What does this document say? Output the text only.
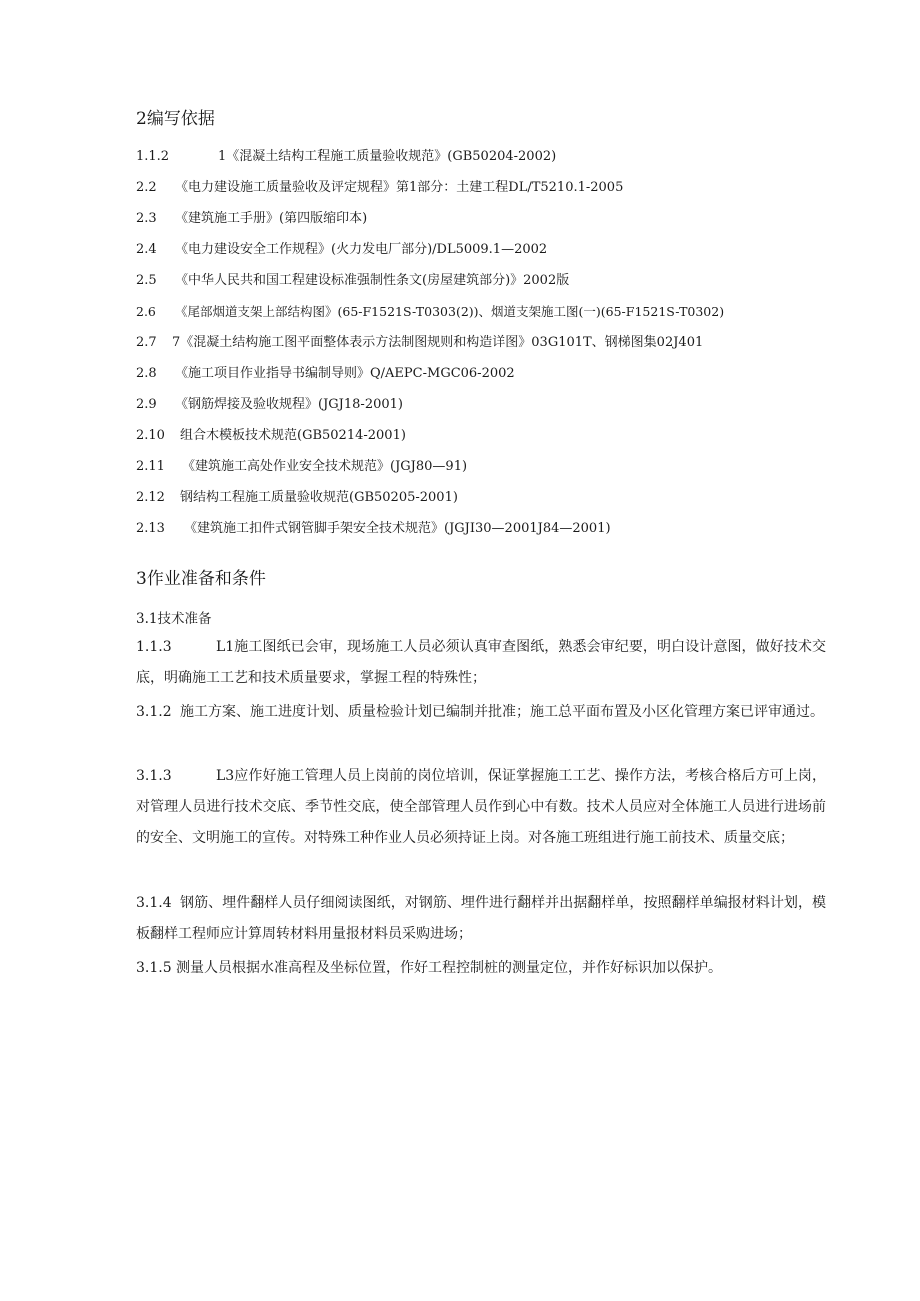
2编写依据
1.1.2	1《混凝土结构工程施工质量验收规范》(GB50204-2002)
2.2 《电力建设施工质量验收及评定规程》第1部分：土建工程DL/T5210.1-2005
2.3 《建筑施工手册》(第四版缩印本)
2.4 《电力建设安全工作规程》(火力发电厂部分)/DL5009.1—2002
2.5 《中华人民共和国工程建设标准强制性条文(房屋建筑部分)》2002版
2.6 《尾部烟道支架上部结构图》(65-F1521S-T0303(2))、烟道支架施工图(一)(65-F1521S-T0302)
2.7 7《混凝土结构施工图平面整体表示方法制图规则和构造详图》03G101T、钢梯图集02J401
2.8 《施工项目作业指导书编制导则》Q/AEPC-MGC06-2002
2.9 《钢筋焊接及验收规程》(JGJ18-2001)
2.10 组合木模板技术规范(GB50214-2001)
2.11 《建筑施工高处作业安全技术规范》(JGJ80—91)
2.12 钢结构工程施工质量验收规范(GB50205-2001)
2.13 《建筑施工扣件式钢管脚手架安全技术规范》(JGJI30—2001J84—2001)
3作业准备和条件
3.1技术准备
1.1.3	L1施工图纸已会审，现场施工人员必须认真审查图纸，熟悉会审纪要，明白设计意图，做好技术交底，明确施工工艺和技术质量要求，掌握工程的特殊性；
3.1.2 施工方案、施工进度计划、质量检验计划已编制并批准；施工总平面布置及小区化管理方案已评审通过。
3.1.3	L3应作好施工管理人员上岗前的岗位培训，保证掌握施工工艺、操作方法，考核合格后方可上岗，对管理人员进行技术交底、季节性交底，使全部管理人员作到心中有数。技术人员应对全体施工人员进行进场前的安全、文明施工的宣传。对特殊工种作业人员必须持证上岗。对各施工班组进行施工前技术、质量交底；
3.1.4 钢筋、埋件翻样人员仔细阅读图纸，对钢筋、埋件进行翻样并出据翻样单，按照翻样单编报材料计划，模板翻样工程师应计算周转材料用量报材料员采购进场；
3.1.5 测量人员根据水准高程及坐标位置，作好工程控制桩的测量定位，并作好标识加以保护。
